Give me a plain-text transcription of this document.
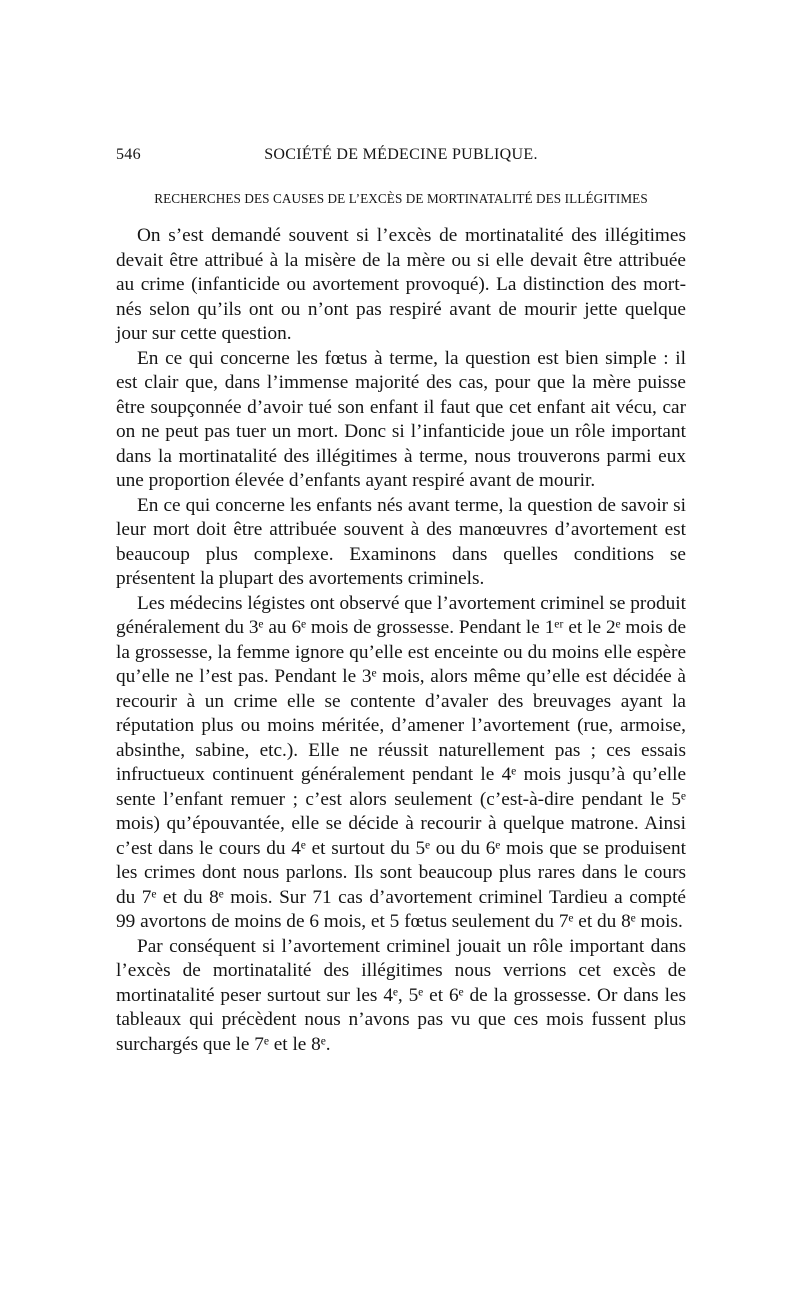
546	SOCIÉTÉ DE MÉDECINE PUBLIQUE.
RECHERCHES DES CAUSES DE L’EXCÈS DE MORTINATALITÉ DES ILLÉGITIMES

On s’est demandé souvent si l’excès de mortinatalité des illégitimes devait être attribué à la misère de la mère ou si elle devait être attribuée au crime (infanticide ou avortement provoqué). La distinction des mort-nés selon qu’ils ont ou n’ont pas respiré avant de mourir jette quelque jour sur cette question.

En ce qui concerne les fœtus à terme, la question est bien simple : il est clair que, dans l’immense majorité des cas, pour que la mère puisse être soupçonnée d’avoir tué son enfant il faut que cet enfant ait vécu, car on ne peut pas tuer un mort. Donc si l’infanticide joue un rôle important dans la mortinatalité des illégitimes à terme, nous trouverons parmi eux une proportion élevée d’enfants ayant respiré avant de mourir.

En ce qui concerne les enfants nés avant terme, la question de savoir si leur mort doit être attribuée souvent à des manœuvres d’avortement est beaucoup plus complexe. Examinons dans quelles conditions se présentent la plupart des avortements criminels.

Les médecins légistes ont observé que l’avortement criminel se produit généralement du 3ᵉ au 6ᵉ mois de grossesse. Pendant le 1ᵉʳ et le 2ᵉ mois de la grossesse, la femme ignore qu’elle est enceinte ou du moins elle espère qu’elle ne l’est pas. Pendant le 3ᵉ mois, alors même qu’elle est décidée à recourir à un crime elle se contente d’avaler des breuvages ayant la réputation plus ou moins méritée, d’amener l’avortement (rue, armoise, absinthe, sabine, etc.). Elle ne réussit naturellement pas ; ces essais infructueux continuent généralement pendant le 4ᵉ mois jusqu’à qu’elle sente l’enfant remuer ; c’est alors seulement (c’est-à-dire pendant le 5ᵉ mois) qu’épouvantée, elle se décide à recourir à quelque matrone. Ainsi c’est dans le cours du 4ᵉ et surtout du 5ᵉ ou du 6ᵉ mois que se produisent les crimes dont nous parlons. Ils sont beaucoup plus rares dans le cours du 7ᵉ et du 8ᵉ mois. Sur 71 cas d’avortement criminel Tardieu a compté 99 avortons de moins de 6 mois, et 5 fœtus seulement du 7ᵉ et du 8ᵉ mois.

Par conséquent si l’avortement criminel jouait un rôle important dans l’excès de mortinatalité des illégitimes nous verrions cet excès de mortinatalité peser surtout sur les 4ᵉ, 5ᵉ et 6ᵉ de la grossesse. Or dans les tableaux qui précèdent nous n’avons pas vu que ces mois fussent plus surchargés que le 7ᵉ et le 8ᵉ.
